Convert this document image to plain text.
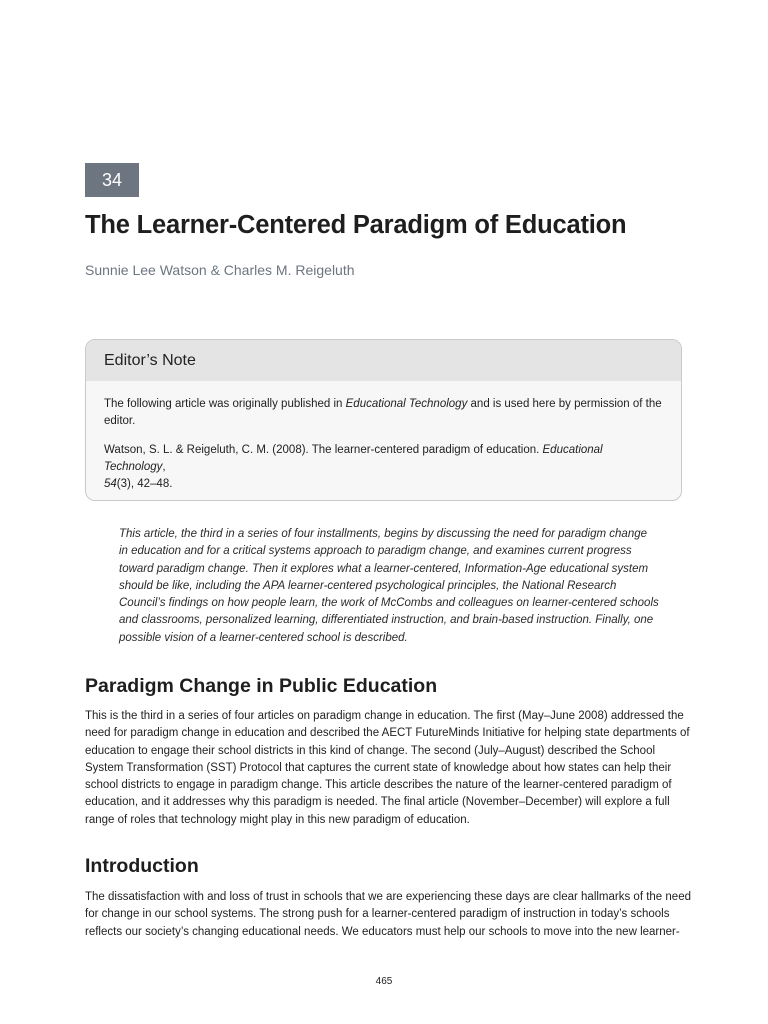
34
The Learner-Centered Paradigm of Education
Sunnie Lee Watson & Charles M. Reigeluth
Editor’s Note

The following article was originally published in Educational Technology and is used here by permission of the
editor.

Watson, S. L. & Reigeluth, C. M. (2008). The learner-centered paradigm of education. Educational Technology,
54(3), 42–48.

This article, the third in a series of four installments, begins by discussing the need for paradigm change
in education and for a critical systems approach to paradigm change, and examines current progress
toward paradigm change. Then it explores what a learner-centered, Information-Age educational system
should be like, including the APA learner-centered psychological principles, the National Research
Council’s findings on how people learn, the work of McCombs and colleagues on learner-centered schools
and classrooms, personalized learning, differentiated instruction, and brain-based instruction. Finally, one
possible vision of a learner-centered school is described.
Paradigm Change in Public Education
This is the third in a series of four articles on paradigm change in education. The first (May–June 2008) addressed the
need for paradigm change in education and described the AECT FutureMinds Initiative for helping state departments of
education to engage their school districts in this kind of change. The second (July–August) described the School
System Transformation (SST) Protocol that captures the current state of knowledge about how states can help their
school districts to engage in paradigm change. This article describes the nature of the learner-centered paradigm of
education, and it addresses why this paradigm is needed. The final article (November–December) will explore a full
range of roles that technology might play in this new paradigm of education.
Introduction
The dissatisfaction with and loss of trust in schools that we are experiencing these days are clear hallmarks of the need
for change in our school systems. The strong push for a learner-centered paradigm of instruction in today’s schools
reflects our society’s changing educational needs. We educators must help our schools to move into the new learner-
465
